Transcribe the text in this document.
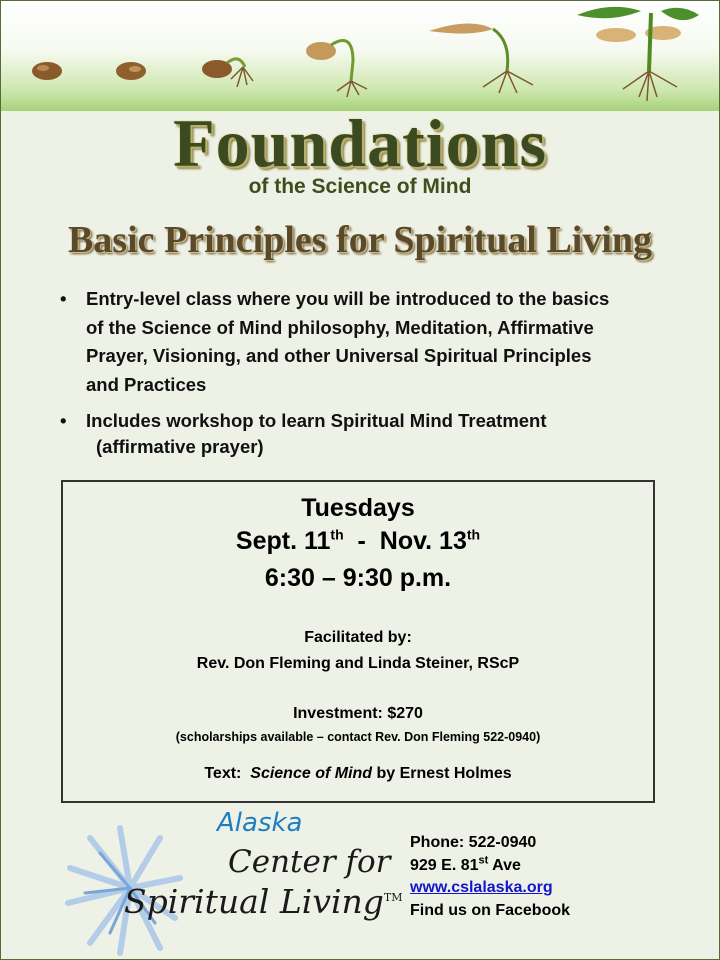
Foundations
of the Science of Mind
Basic Principles for Spiritual Living
• Entry-level class where you will be introduced to the basics
of the Science of Mind philosophy, Meditation, Affirmative
Prayer, Visioning, and other Universal Spiritual Principles
and Practices
• Includes workshop to learn Spiritual Mind Treatment
(affirmative prayer)
Tuesdays
Sept. 11th - Nov. 13th
6:30 – 9:30 p.m.
Facilitated by:
Rev. Don Fleming and Linda Steiner, RScP
Investment: $270
(scholarships available – contact Rev. Don Fleming 522-0940)
Text: Science of Mind by Ernest Holmes
Alaska
Center for
Spiritual Living™
Phone: 522-0940
929 E. 81st Ave
www.cslalaska.org
Find us on Facebook
